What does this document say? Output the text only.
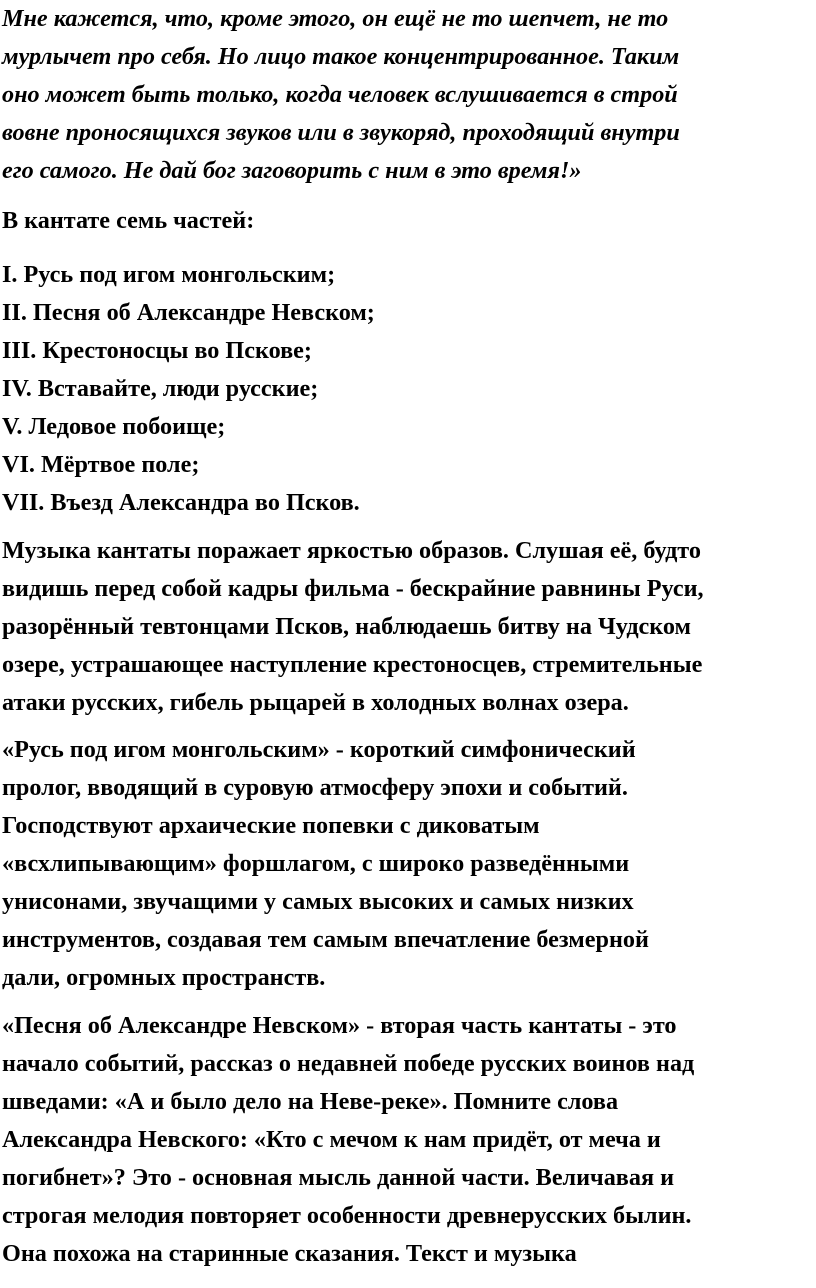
Мне кажется, что, кроме этого, он ещё не то шепчет, не то
мурлычет про себя. Но лицо такое концентрированное. Таким
оно может быть только, когда человек вслушивается в строй
вовне проносящихся звуков или в звукоряд, проходящий внутри
его самого. Не дай бог заговорить с ним в это время!»
В кантате семь частей:
I. Русь под игом монгольским;
II. Песня об Александре Невском;
III. Крестоносцы во Пскове;
IV. Вставайте, люди русские;
V. Ледовое побоище;
VI. Мёртвое поле;
VII. Въезд Александра во Псков.
Музыка кантаты поражает яркостью образов. Слушая её, будто
видишь перед собой кадры фильма - бескрайние равнины Руси,
разорённый тевтонцами Псков, наблюдаешь битву на Чудском
озере, устрашающее наступление крестоносцев, стремительные
атаки русских, гибель рыцарей в холодных волнах озера.
«Русь под игом монгольским» - короткий симфонический
пролог, вводящий в суровую атмосферу эпохи и событий.
Господствуют архаические попевки с диковатым
«всхлипывающим» форшлагом, с широко разведёнными
унисонами, звучащими у самых высоких и самых низких
инструментов, создавая тем самым впечатление безмерной
дали, огромных пространств.
«Песня об Александре Невском» - вторая часть кантаты - это
начало событий, рассказ о недавней победе русских воинов над
шведами: «А и было дело на Неве-реке». Помните слова
Александра Невского: «Кто с мечом к нам придёт, от меча и
погибнет»? Это - основная мысль данной части. Величавая и
строгая мелодия повторяет особенности древнерусских былин.
Она похожа на старинные сказания. Текст и музыка
